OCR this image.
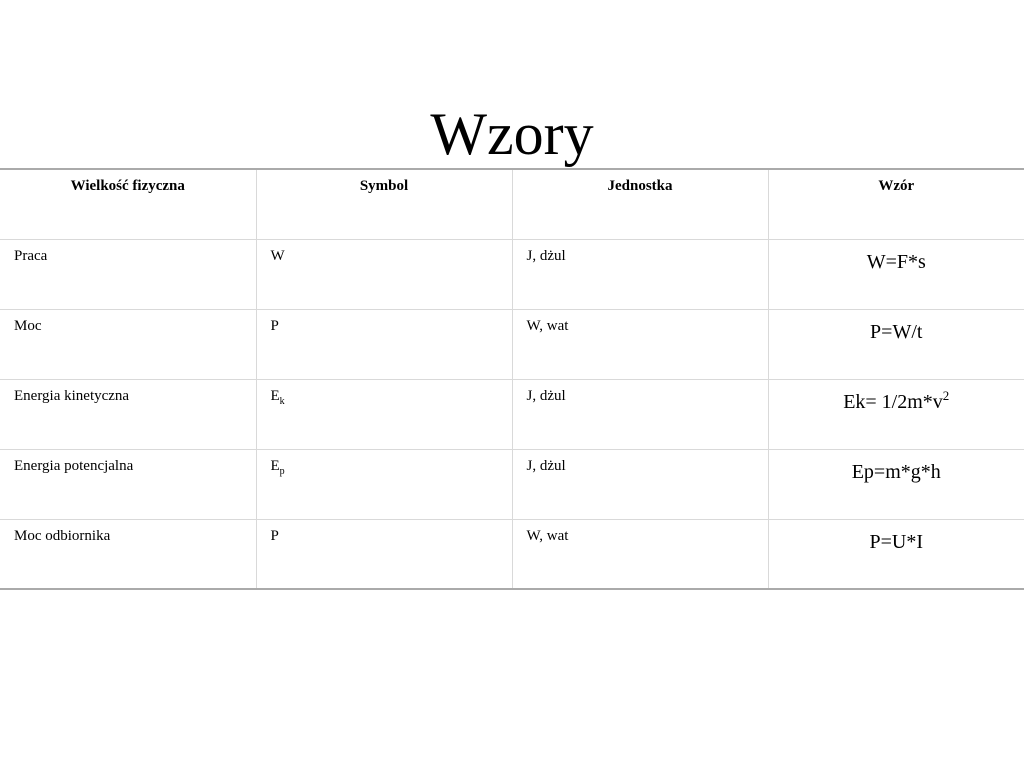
Wzory
Wielkość fizyczna	Symbol	Jednostka	Wzór
Praca	W	J, dżul	W=F*s
Moc	P	W, wat	P=W/t
Energia kinetyczna	$E_k$	J, dżul	$Ek= 1/2m*v^2$
Energia potencjalna	$E_p$	J, dżul	Ep=m*g*h
Moc odbiornika	P	W, wat	P=U*I
